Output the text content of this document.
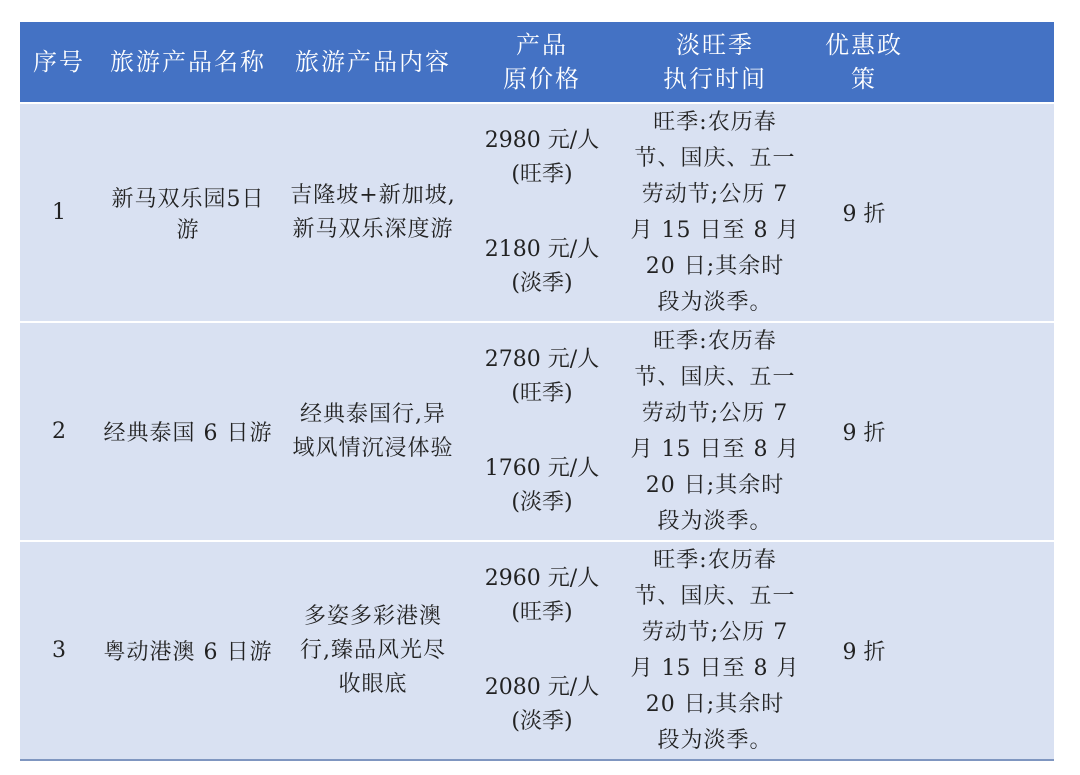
序号 旅游产品名称 旅游产品内容
产品
原价格
淡旺季
执行时间
优惠政
策
1
新马双乐园5日游
吉隆坡+新加坡,
新马双乐深度游
2980 元/人
(旺季)
2180 元/人
(淡季)
旺季:农历春
节、国庆、五一
劳动节;公历 7
月 15 日至 8 月
20 日;其余时
段为淡季。
9 折
2	经典泰国 6 日游
经典泰国行,异
域风情沉浸体验
2780 元/人
(旺季)
1760 元/人
(淡季)
旺季:农历春
节、国庆、五一
劳动节;公历 7
月 15 日至 8 月
20 日;其余时
段为淡季。
9 折
3	粤动港澳 6 日游
多姿多彩港澳
行,臻品风光尽
收眼底
2960 元/人
(旺季)
2080 元/人
(淡季)
旺季:农历春
节、国庆、五一
劳动节;公历 7
月 15 日至 8 月
20 日;其余时
段为淡季。
9 折
